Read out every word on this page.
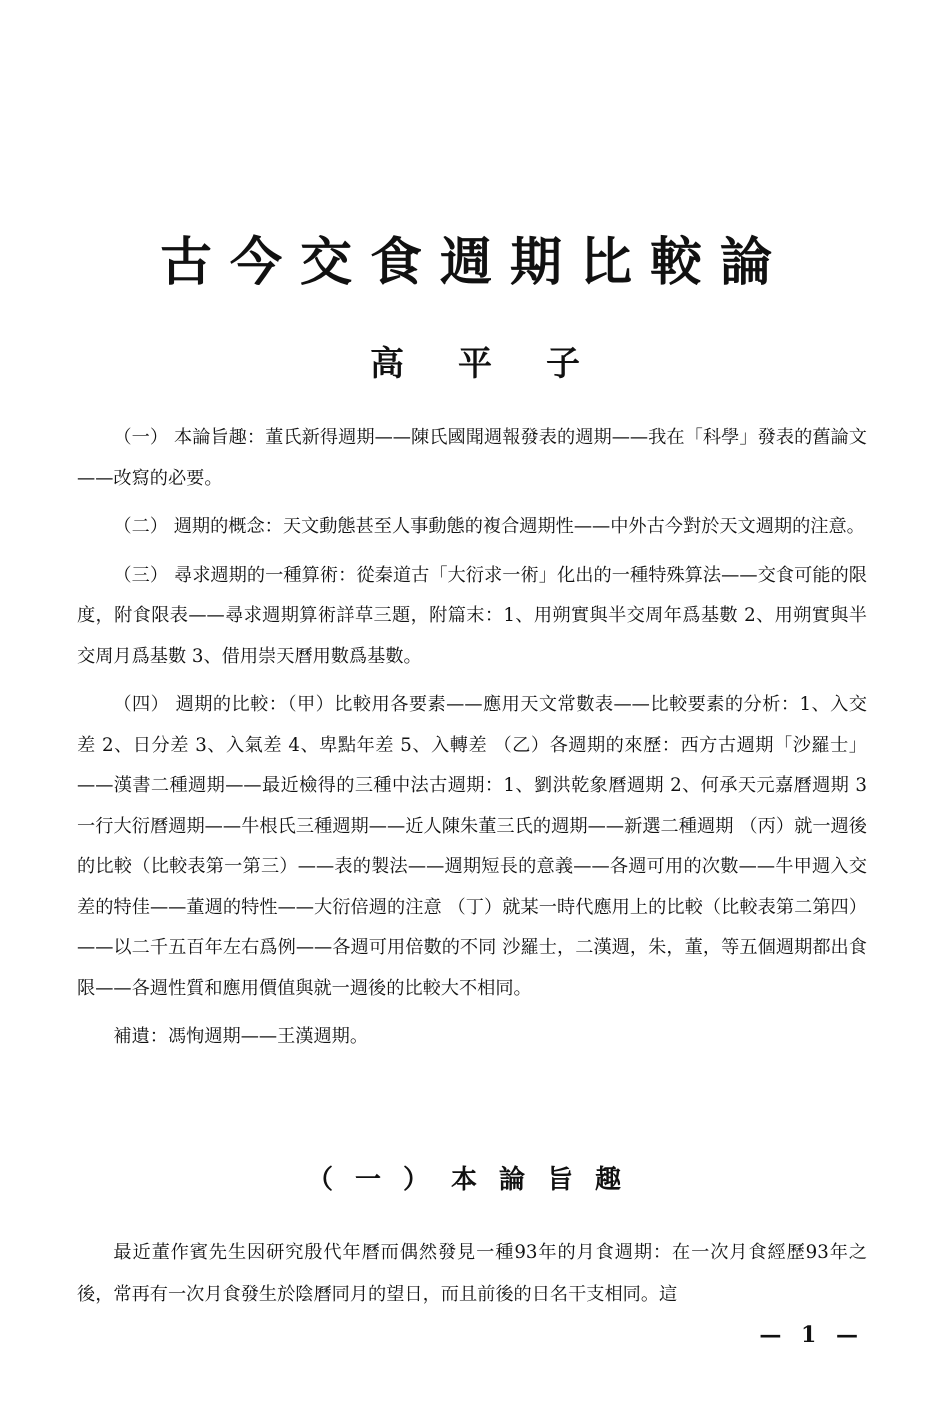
古今交食週期比較論
高平子

（一） 本論旨趣：董氏新得週期——陳氏國聞週報發表的週期——我在「科學」發表的舊論文——改寫的必要。

（二） 週期的概念：天文動態甚至人事動態的複合週期性——中外古今對於天文週期的注意。

（三） 尋求週期的一種算術：從秦道古「大衍求一術」化出的一種特殊算法——交食可能的限度，附食限表——尋求週期算術詳草三題，附篇末：1、用朔實與半交周年爲基數 2、用朔實與半交周月爲基數 3、借用崇天曆用數爲基數。

（四） 週期的比較：（甲）比較用各要素——應用天文常數表——比較要素的分析：1、入交差 2、日分差 3、入氣差 4、卑點年差 5、入轉差 （乙）各週期的來歷：西方古週期「沙羅士」——漢書二種週期——最近檢得的三種中法古週期：1、劉洪乾象曆週期 2、何承天元嘉曆週期 3 一行大衍曆週期——牛根氏三種週期——近人陳朱董三氏的週期——新選二種週期 （丙）就一週後的比較（比較表第一第三）——表的製法——週期短長的意義——各週可用的次數——牛甲週入交差的特佳——董週的特性——大衍倍週的注意 （丁）就某一時代應用上的比較（比較表第二第四）——以二千五百年左右爲例——各週可用倍數的不同 沙羅士，二漢週，朱，董，等五個週期都出食限——各週性質和應用價值與就一週後的比較大不相同。

補遺：馮恂週期——王漢週期。

（一）本論旨趣

最近董作賓先生因研究殷代年曆而偶然發見一種93年的月食週期：在一次月食經歷93年之後，常再有一次月食發生於陰曆同月的望日，而且前後的日名干支相同。這

— 1 —
